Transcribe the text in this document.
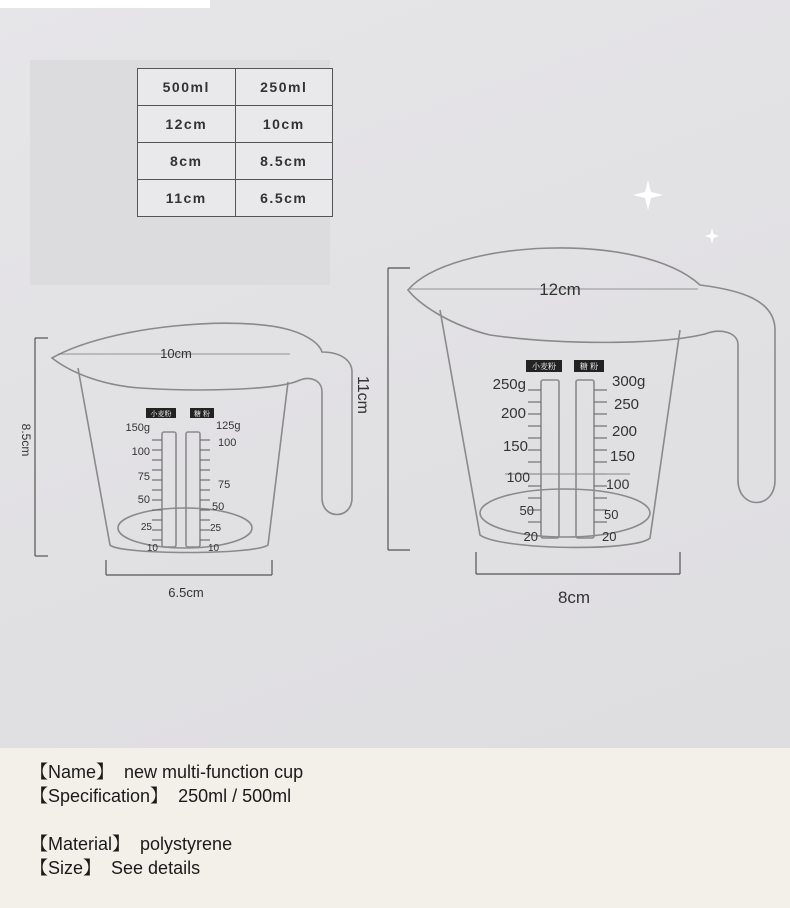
500ml	250ml
12cm	10cm
8cm	8.5cm
11cm	6.5cm
10cm
8.5cm
6.5cm
小麦粉	糖 粉
150g
100
75
50
25
10
125g
100
75
50
25
10
12cm
11cm
8cm
小麦粉	糖 粉
250g
200
150
100
50
20
300g
250
200
150
100
50
20
【Name】 new multi-function cup
【Specification】 250ml / 500ml
【Material】 polystyrene
【Size】 See details
